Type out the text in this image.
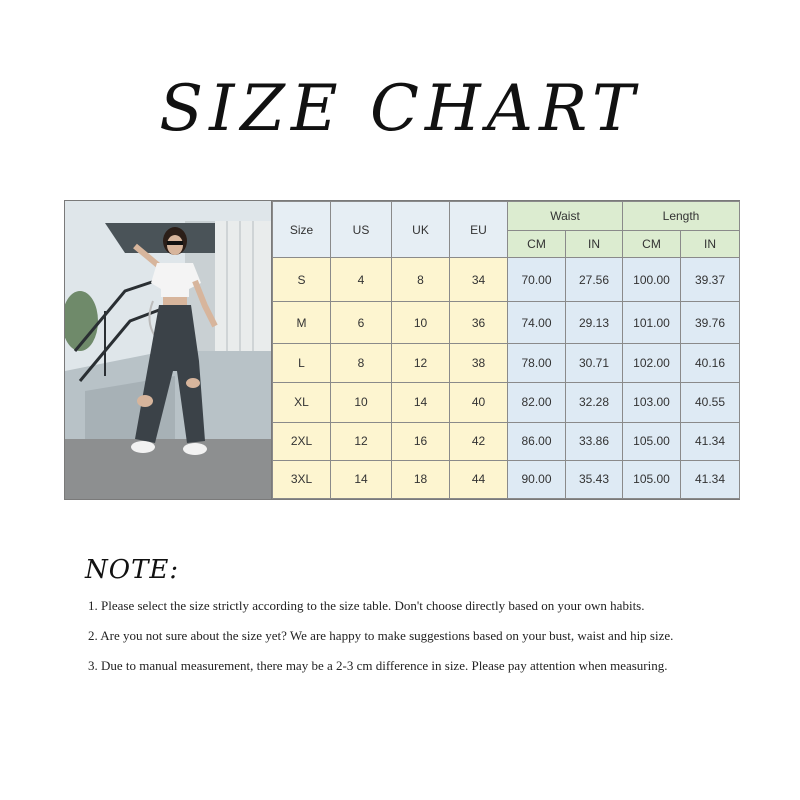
SIZE CHART
Size	US	UK	EU	Waist		Length	
				CM	IN	CM	IN
S	4	8	34	70.00	27.56	100.00	39.37
M	6	10	36	74.00	29.13	101.00	39.76
L	8	12	38	78.00	30.71	102.00	40.16
XL	10	14	40	82.00	32.28	103.00	40.55
2XL	12	16	42	86.00	33.86	105.00	41.34
3XL	14	18	44	90.00	35.43	105.00	41.34
NOTE:
1. Please select the size strictly according to the size table. Don't choose directly based on your own habits.
2. Are you not sure about the size yet? We are happy to make suggestions based on your bust, waist and hip size.
3. Due to manual measurement, there may be a 2-3 cm difference in size. Please pay attention when measuring.
